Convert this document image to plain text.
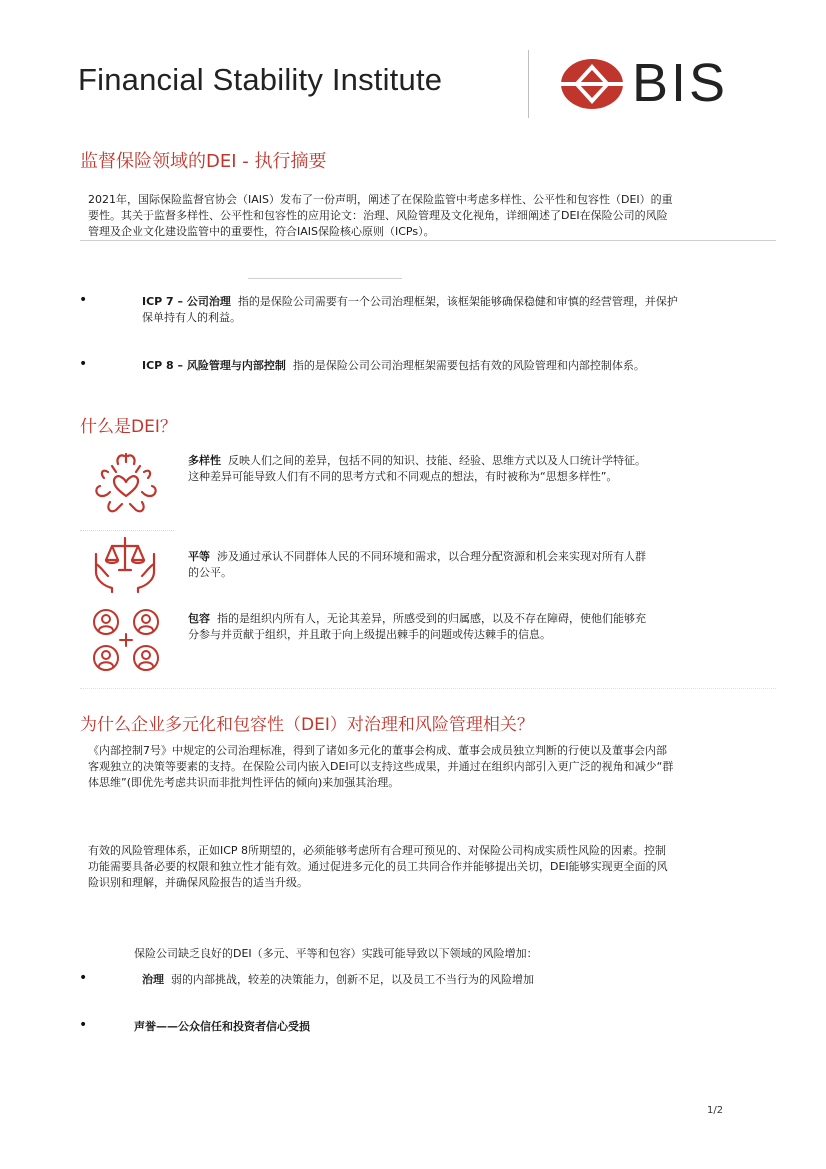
Financial Stability Institute	BIS
监督保险领域的DEI - 执行摘要
2021年，国际保险监督官协会（IAIS）发布了一份声明，阐述了在保险监管中考虑多样性、公平性和包容性（DEI）的重
要性。其关于监督多样性、公平性和包容性的应用论文：治理、风险管理及文化视角，详细阐述了DEI在保险公司的风险
管理及企业文化建设监管中的重要性，符合IAIS保险核心原则（ICPs）。
•	ICP 7 – 公司治理 指的是保险公司需要有一个公司治理框架，该框架能够确保稳健和审慎的经营管理，并保护
保单持有人的利益。
•	ICP 8 – 风险管理与内部控制 指的是保险公司公司治理框架需要包括有效的风险管理和内部控制体系。
什么是DEI？
多样性 反映人们之间的差异，包括不同的知识、技能、经验、思维方式以及人口统计学特征。
这种差异可能导致人们有不同的思考方式和不同观点的想法，有时被称为“思想多样性”。
平等 涉及通过承认不同群体人民的不同环境和需求，以合理分配资源和机会来实现对所有人群
的公平。
包容 指的是组织内所有人，无论其差异，所感受到的归属感，以及不存在障碍，使他们能够充
分参与并贡献于组织，并且敢于向上级提出棘手的问题或传达棘手的信息。
为什么企业多元化和包容性（DEI）对治理和风险管理相关？
《内部控制7号》中规定的公司治理标准，得到了诸如多元化的董事会构成、董事会成员独立判断的行使以及董事会内部
客观独立的决策等要素的支持。在保险公司内嵌入DEI可以支持这些成果，并通过在组织内部引入更广泛的视角和减少“群
体思维”(即优先考虑共识而非批判性评估的倾向)来加强其治理。
有效的风险管理体系，正如ICP 8所期望的，必须能够考虑所有合理可预见的、对保险公司构成实质性风险的因素。控制
功能需要具备必要的权限和独立性才能有效。通过促进多元化的员工共同合作并能够提出关切，DEI能够实现更全面的风
险识别和理解，并确保风险报告的适当升级。
保险公司缺乏良好的DEI（多元、平等和包容）实践可能导致以下领域的风险增加：
•	治理 弱的内部挑战，较差的决策能力，创新不足，以及员工不当行为的风险增加
•	声誉——公众信任和投资者信心受损
1/2
